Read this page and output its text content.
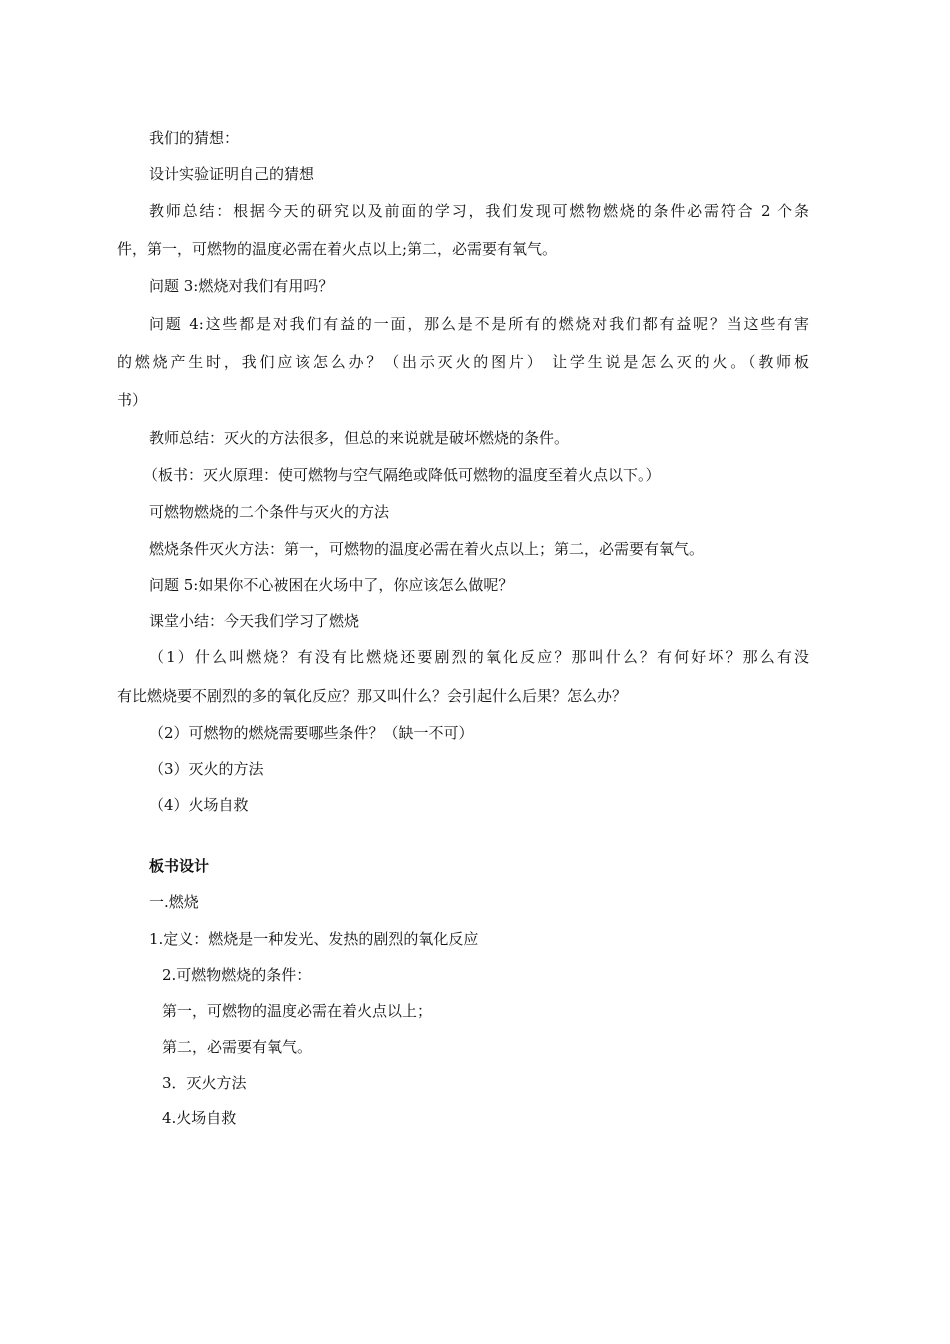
我们的猜想：
设计实验证明自己的猜想
教师总结：根据今天的研究以及前面的学习，我们发现可燃物燃烧的条件必需符合 2 个条
件，第一，可燃物的温度必需在着火点以上;第二，必需要有氧气。
问题 3:燃烧对我们有用吗？
问题 4:这些都是对我们有益的一面，那么是不是所有的燃烧对我们都有益呢？当这些有害
的燃烧产生时，我们应该怎么办？（出示灭火的图片） 让学生说是怎么灭的火。（教师板
书）
教师总结：灭火的方法很多，但总的来说就是破坏燃烧的条件。
（板书：灭火原理：使可燃物与空气隔绝或降低可燃物的温度至着火点以下。）
可燃物燃烧的二个条件与灭火的方法
燃烧条件灭火方法：第一，可燃物的温度必需在着火点以上；第二，必需要有氧气。
问题 5:如果你不心被困在火场中了，你应该怎么做呢？
课堂小结：今天我们学习了燃烧
（1）什么叫燃烧？有没有比燃烧还要剧烈的氧化反应？那叫什么？有何好坏？那么有没
有比燃烧要不剧烈的多的氧化反应？那又叫什么？会引起什么后果？怎么办？
（2）可燃物的燃烧需要哪些条件？（缺一不可）
（3）灭火的方法
（4）火场自救
板书设计
一.燃烧
1.定义：燃烧是一种发光、发热的剧烈的氧化反应
2.可燃物燃烧的条件：
第一，可燃物的温度必需在着火点以上；
第二，必需要有氧气。
3．灭火方法
4.火场自救
